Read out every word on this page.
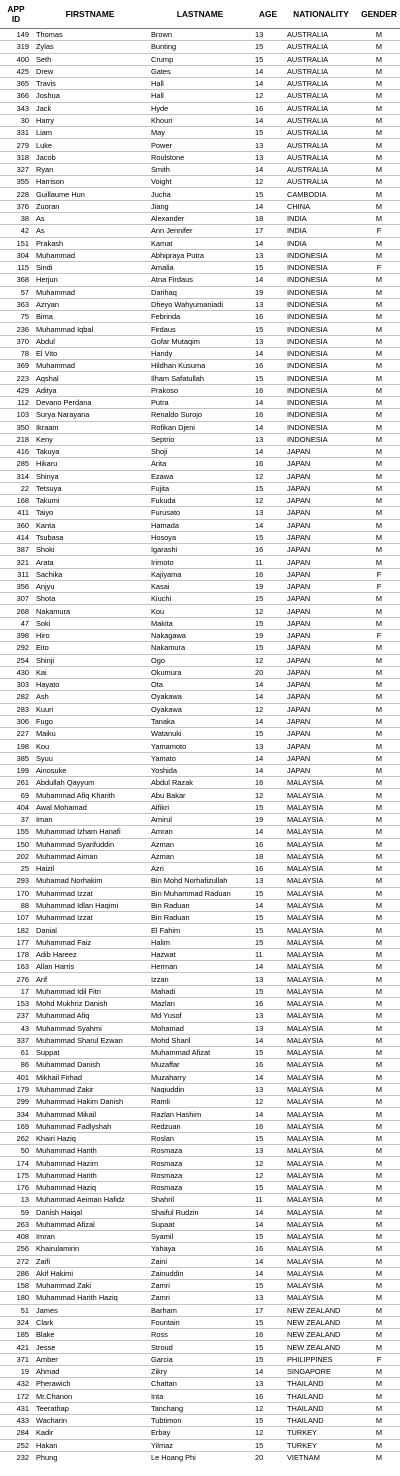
APP ID	FIRSTNAME	LASTNAME	AGE	NATIONALITY	GENDER
149	Thomas	Brown	13	AUSTRALIA	M
319	Zylas	Bunting	15	AUSTRALIA	M
400	Seth	Crump	15	AUSTRALIA	M
425	Drew	Gates	14	AUSTRALIA	M
365	Travis	Hall	14	AUSTRALIA	M
366	Joshua	Hall	12	AUSTRALIA	M
343	Jack	Hyde	16	AUSTRALIA	M
30	Harry	Khouri	14	AUSTRALIA	M
331	Liam	May	15	AUSTRALIA	M
279	Luke	Power	13	AUSTRALIA	M
318	Jacob	Roulstone	13	AUSTRALIA	M
327	Ryan	Smith	14	AUSTRALIA	M
355	Harrison	Voight	12	AUSTRALIA	M
228	Guillaume Hun	Jucha	15	CAMBODIA	M
376	Zuoran	Jiang	14	CHINA	M
38	As	Alexander	18	INDIA	M
42	As	Ann Jennifer	17	INDIA	F
151	Prakash	Kamat	14	INDIA	M
304	Muhammad	Abhipraya Putra	13	INDONESIA	M
115	Sindi	Amalia	15	INDONESIA	F
368	Herjun	Atna Firdaus	14	INDONESIA	M
57	Muhammad	Darihaq	19	INDONESIA	M
363	Azryan	Dheyo Wahyumaniadi	13	INDONESIA	M
75	Bima	Febrinda	16	INDONESIA	M
236	Muhammad Iqbal	Firdaus	15	INDONESIA	M
370	Abdul	Gofar Mutaqim	13	INDONESIA	M
78	El Vito	Handy	14	INDONESIA	M
369	Muhammad	Hildhan Kusuma	16	INDONESIA	M
223	Aqshal	Ilham Safatullah	15	INDONESIA	M
429	Aditya	Prakoso	16	INDONESIA	M
112	Devano Perdana	Putra	14	INDONESIA	M
103	Surya Narayana	Renaldo Surojo	16	INDONESIA	M
350	Ikraam	Rofikan Djeni	14	INDONESIA	M
218	Keny	Septrio	13	INDONESIA	M
416	Takuya	Shoji	14	JAPAN	M
285	Hikaru	Arita	16	JAPAN	M
314	Shinya	Ezawa	12	JAPAN	M
22	Tetsuya	Fujita	15	JAPAN	M
168	Takumi	Fukuda	12	JAPAN	M
411	Taiyo	Furusato	13	JAPAN	M
360	Kanta	Hamada	14	JAPAN	M
414	Tsubasa	Hosoya	15	JAPAN	M
387	Shoki	Igarashi	16	JAPAN	M
321	Arata	Irimoto	11	JAPAN	M
311	Sachika	Kajiyama	16	JAPAN	F
356	Anjyu	Kasai	19	JAPAN	F
307	Shota	Kiuchi	15	JAPAN	M
268	Nakamura	Kou	12	JAPAN	M
47	Soki	Makita	15	JAPAN	M
398	Hiro	Nakagawa	19	JAPAN	F
292	Eito	Nakamura	15	JAPAN	M
254	Shinji	Ogo	12	JAPAN	M
430	Kai	Okumura	20	JAPAN	M
303	Hayato	Ota	14	JAPAN	M
282	Ash	Oyakawa	14	JAPAN	M
283	Kuuri	Oyakawa	12	JAPAN	M
306	Fugo	Tanaka	14	JAPAN	M
227	Maiku	Watanuki	15	JAPAN	M
198	Kou	Yamamoto	13	JAPAN	M
385	Syuu	Yamato	14	JAPAN	M
199	Ainosuke	Yoshida	14	JAPAN	M
261	Abdullah Qayyum	Abdul Razak	16	MALAYSIA	M
69	Muhammad Afiq Kharith	Abu Bakar	12	MALAYSIA	M
404	Awal Mohamad	Alfikri	15	MALAYSIA	M
37	Iman	Amirul	19	MALAYSIA	M
155	Muhammad Izham Hanafi	Amran	14	MALAYSIA	M
150	Muhammad Syarifuddin	Azman	16	MALAYSIA	M
202	Muhammad Aiman	Azman	18	MALAYSIA	M
25	Haizil	Azri	16	MALAYSIA	M
293	Muhamad Norhakim	Bin Mohd Norhafizullah	13	MALAYSIA	M
170	Muhammad Izzat	Bin Muhammad Raduan	15	MALAYSIA	M
88	Muhammad Idlan Haqimi	Bin Raduan	14	MALAYSIA	M
107	Muhammad Izzat	Bin Raduan	15	MALAYSIA	M
182	Danial	El Fahim	15	MALAYSIA	M
177	Muhammad Faiz	Halim	15	MALAYSIA	M
178	Adib Hareez	Hazwat	11	MALAYSIA	M
163	Allan Harris	Herman	14	MALAYSIA	M
276	Arif	Izzan	13	MALAYSIA	M
17	Muhammad Idil Fitri	Mahadi	15	MALAYSIA	M
153	Mohd Mukhriz Danish	Mazlan	16	MALAYSIA	M
237	Muhammad Afiq	Md Yusof	13	MALAYSIA	M
43	Muhammad Syahmi	Mohamad	13	MALAYSIA	M
337	Muhammad Sharul Ezwan	Mohd Sharil	14	MALAYSIA	M
61	Suppat	Muhammad Afizat	15	MALAYSIA	M
86	Muhammad Danish	Muzaffar	16	MALAYSIA	M
401	Mikhail Firhad	Muzaharry	14	MALAYSIA	M
179	Muhammad Zakir	Naqiuddin	13	MALAYSIA	M
299	Muhammad Hakim Danish	Ramli	12	MALAYSIA	M
334	Muhammad Mikail	Razlan Hashim	14	MALAYSIA	M
169	Muhammad Fadlyshah	Redzuan	16	MALAYSIA	M
262	Khairi Haziq	Roslan	15	MALAYSIA	M
50	Muhammad Harith	Rosmaza	13	MALAYSIA	M
174	Muhammad Hazim	Rosmaza	12	MALAYSIA	M
175	Muhammad Harith	Rosmaza	12	MALAYSIA	M
176	Muhammad Haziq	Rosmaza	15	MALAYSIA	M
13	Muhammad Aeiman Hafidz	Shahril	11	MALAYSIA	M
59	Danish Haiqal	Shaiful Rudzin	14	MALAYSIA	M
263	Muhammad Afizal	Supaat	14	MALAYSIA	M
408	Imran	Syamil	15	MALAYSIA	M
256	Khairulamirin	Yahaya	16	MALAYSIA	M
272	Zaifi	Zaini	14	MALAYSIA	M
286	Akif Hakimi	Zainuddin	14	MALAYSIA	M
158	Muhammad Zaki	Zamri	15	MALAYSIA	M
180	Muhammad Harith Haziq	Zamri	13	MALAYSIA	M
51	James	Barham	17	NEW ZEALAND	M
324	Clark	Fountain	15	NEW ZEALAND	M
185	Blake	Ross	16	NEW ZEALAND	M
421	Jesse	Stroud	15	NEW ZEALAND	M
371	Amber	Garcia	15	PHILIPPINES	F
19	Ahmad	Zikry	14	SINGAPORE	M
432	Pherawich	Chattan	13	THAILAND	M
172	Mr.Chanon	Inta	16	THAILAND	M
431	Teerathap	Tanchang	12	THAILAND	M
433	Wacharin	Tubtimon	15	THAILAND	M
284	Kadir	Erbay	12	TURKEY	M
252	Hakan	Yilmaz	15	TURKEY	M
232	Phung	Le Hoang Phi	20	VIETNAM	M
